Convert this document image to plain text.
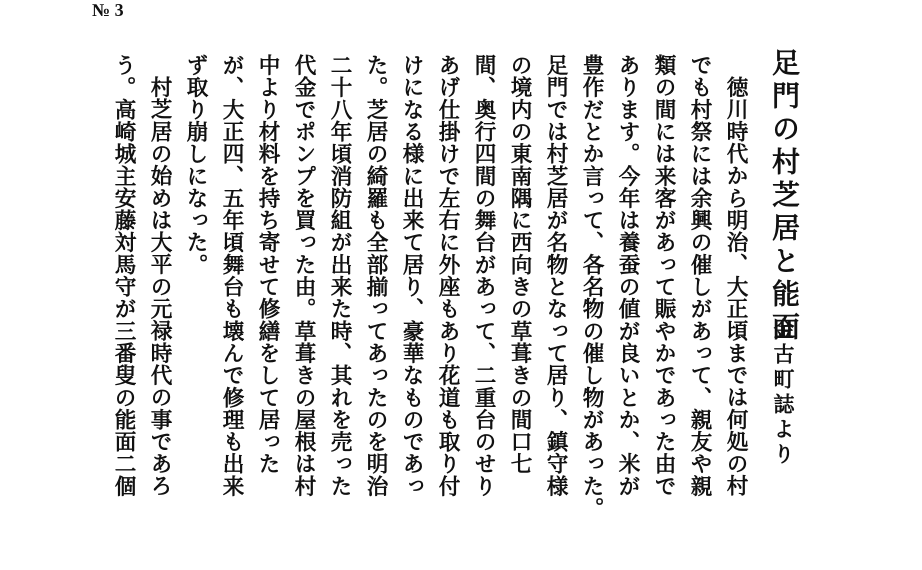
№ 3
足門の村芝居と能面
金古町誌より
徳川時代から明治、大正頃までは何処の村
でも村祭には余興の催しがあって、親友や親
類の間には来客があって賑やかであった由で
あります。今年は養蚕の値が良いとか、米が
豊作だとか言って、各名物の催し物があった。
足門では村芝居が名物となって居り、鎮守様
の境内の東南隅に西向きの草葺きの間口七
間、奥行四間の舞台があって、二重台のせり
あげ仕掛けで左右に外座もあり花道も取り付
けになる様に出来て居り、豪華なものであっ
た。芝居の綺羅も全部揃ってあったのを明治
二十八年頃消防組が出来た時、其れを売った
代金でポンプを買った由。草葺きの屋根は村
中より材料を持ち寄せて修繕をして居った
が、大正四、五年頃舞台も壊んで修理も出来
ず取り崩しになった。
村芝居の始めは大平の元禄時代の事であろ
う。高崎城主安藤対馬守が三番叟の能面二個
